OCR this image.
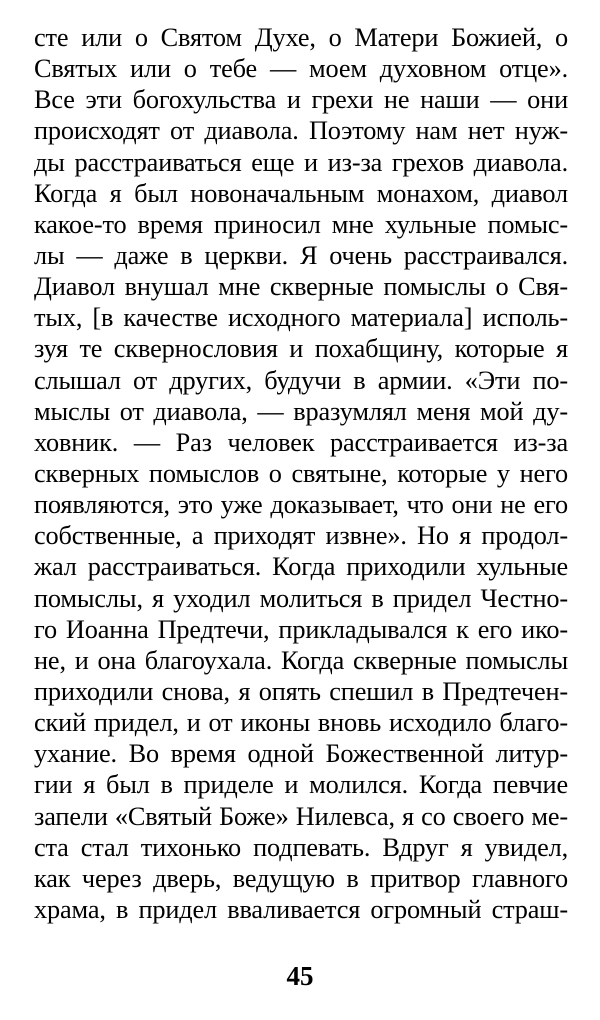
сте или о Святом Духе, о Матери Божией, о
Святых или о тебе — моем духовном отце».
Все эти богохульства и грехи не наши — они
происходят от диавола. Поэтому нам нет нуж-
ды расстраиваться еще и из-за грехов диавола.
Когда я был новоначальным монахом, диавол
какое-то время приносил мне хульные помыс-
лы — даже в церкви. Я очень расстраивался.
Диавол внушал мне скверные помыслы о Свя-
тых, [в качестве исходного материала] исполь-
зуя те сквернословия и похабщину, которые я
слышал от других, будучи в армии. «Эти по-
мыслы от диавола, — вразумлял меня мой ду-
ховник. — Раз человек расстраивается из-за
скверных помыслов о святыне, которые у него
появляются, это уже доказывает, что они не его
собственные, а приходят извне». Но я продол-
жал расстраиваться. Когда приходили хульные
помыслы, я уходил молиться в придел Честно-
го Иоанна Предтечи, прикладывался к его ико-
не, и она благоухала. Когда скверные помыслы
приходили снова, я опять спешил в Предтечен-
ский придел, и от иконы вновь исходило благо-
ухание. Во время одной Божественной литур-
гии я был в приделе и молился. Когда певчие
запели «Святый Боже» Нилевса, я со своего ме-
ста стал тихонько подпевать. Вдруг я увидел,
как через дверь, ведущую в притвор главного
храма, в придел вваливается огромный страш-
45
